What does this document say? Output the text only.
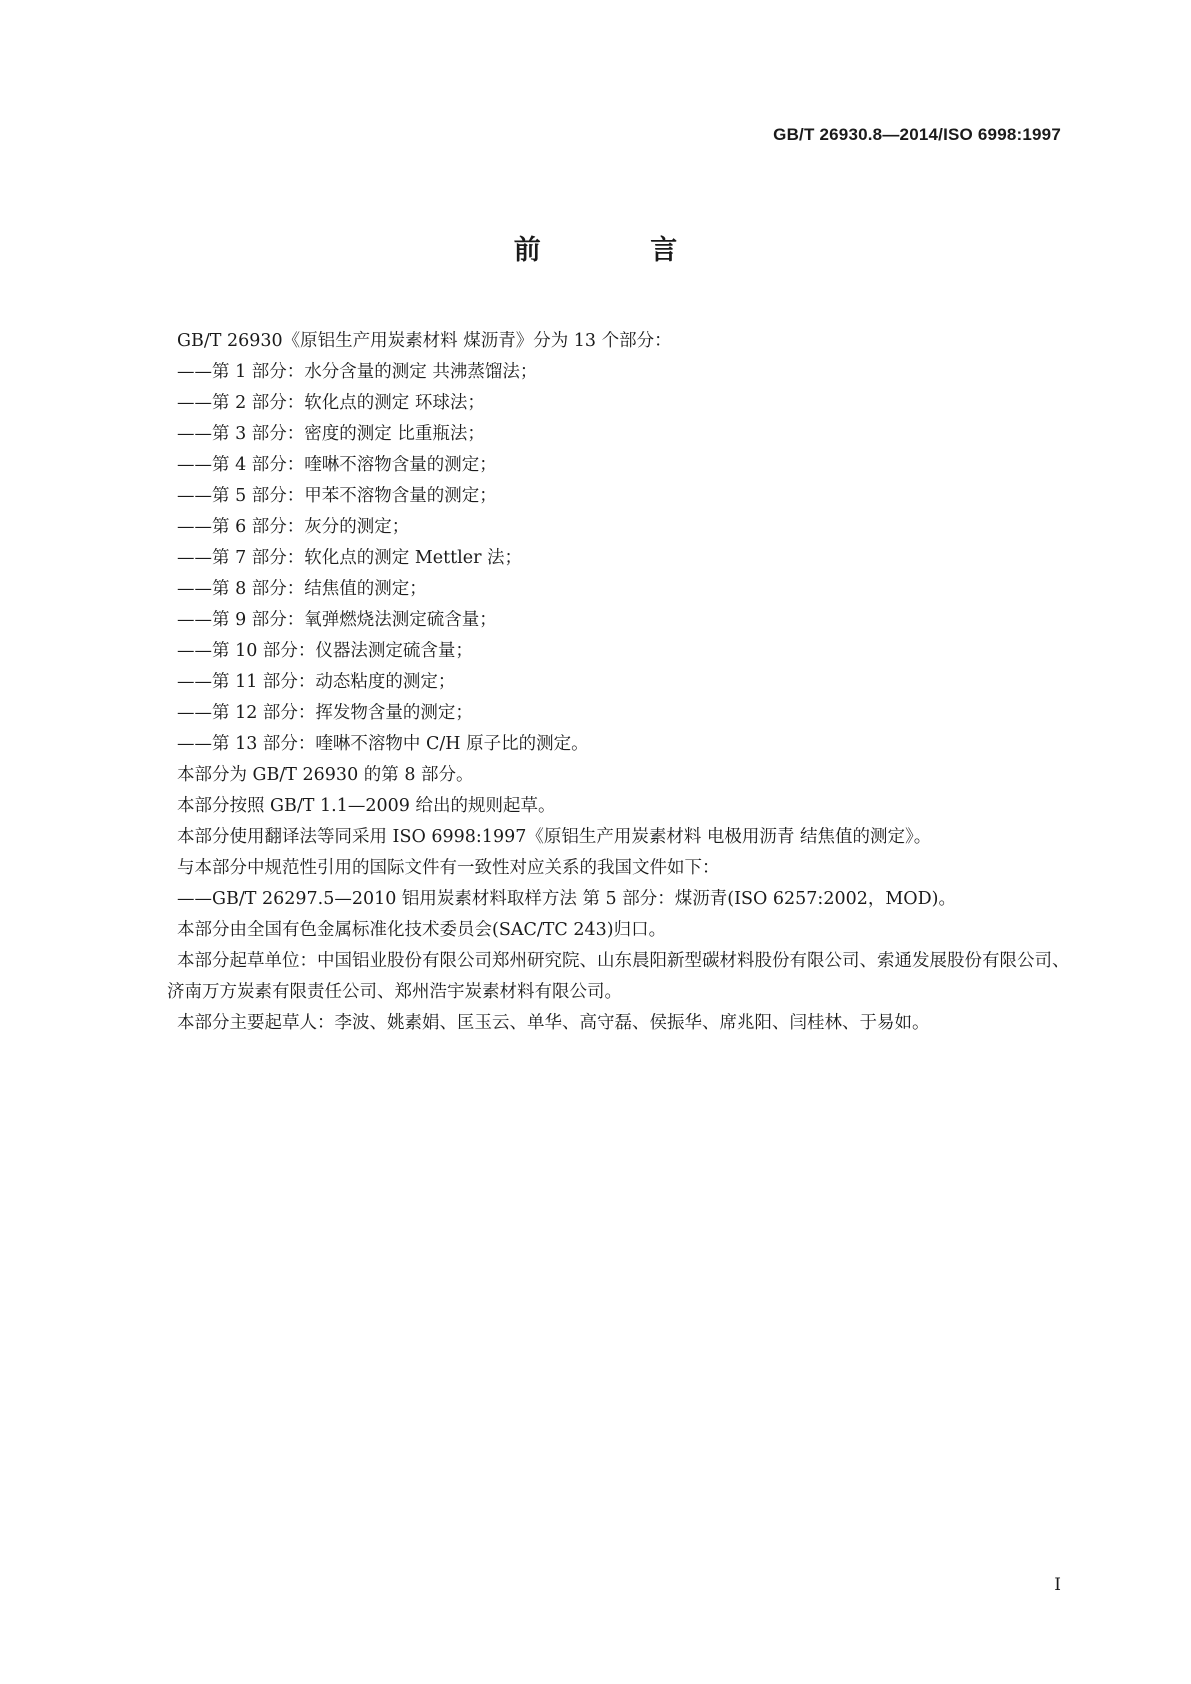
GB/T 26930.8—2014/ISO 6998:1997
前 言

GB/T 26930《原铝生产用炭素材料 煤沥青》分为 13 个部分：

——第 1 部分：水分含量的测定 共沸蒸馏法；

——第 2 部分：软化点的测定 环球法；

——第 3 部分：密度的测定 比重瓶法；

——第 4 部分：喹啉不溶物含量的测定；

——第 5 部分：甲苯不溶物含量的测定；

——第 6 部分：灰分的测定；

——第 7 部分：软化点的测定 Mettler 法；

——第 8 部分：结焦值的测定；

——第 9 部分：氧弹燃烧法测定硫含量；

——第 10 部分：仪器法测定硫含量；

——第 11 部分：动态粘度的测定；

——第 12 部分：挥发物含量的测定；

——第 13 部分：喹啉不溶物中 C/H 原子比的测定。

本部分为 GB/T 26930 的第 8 部分。

本部分按照 GB/T 1.1—2009 给出的规则起草。

本部分使用翻译法等同采用 ISO 6998:1997《原铝生产用炭素材料 电极用沥青 结焦值的测定》。

与本部分中规范性引用的国际文件有一致性对应关系的我国文件如下：

——GB/T 26297.5—2010 铝用炭素材料取样方法 第 5 部分：煤沥青(ISO 6257:2002，MOD)。

本部分由全国有色金属标准化技术委员会(SAC/TC 243)归口。

本部分起草单位：中国铝业股份有限公司郑州研究院、山东晨阳新型碳材料股份有限公司、索通发展股份有限公司、济南万方炭素有限责任公司、郑州浩宇炭素材料有限公司。

本部分主要起草人：李波、姚素娟、匡玉云、单华、高守磊、侯振华、席兆阳、闫桂林、于易如。

I
